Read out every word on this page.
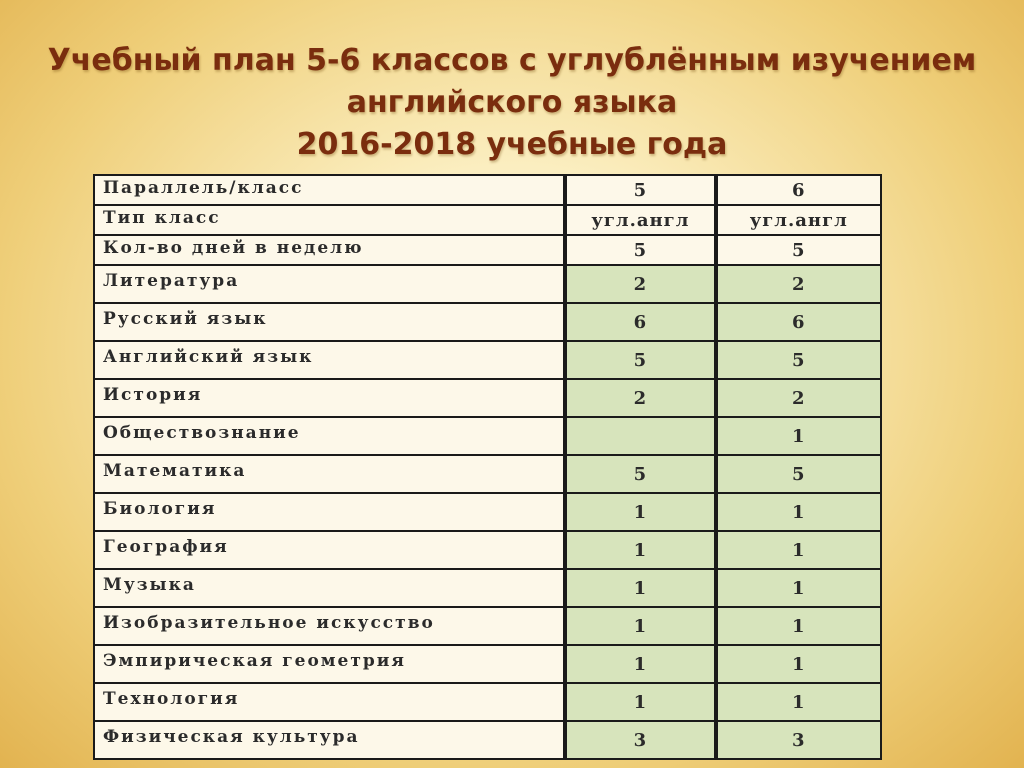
Учебный план 5-6 классов с углублённым изучением
английского языка
2016-2018 учебные года
Параллель/класс	5	6
Тип класс	угл.англ	угл.англ
Кол-во дней в неделю	5	5
Литература	2	2
Русский язык	6	6
Английский язык	5	5
История	2	2
Обществознание		1
Математика	5	5
Биология	1	1
География	1	1
Музыка	1	1
Изобразительное искусство	1	1
Эмпирическая геометрия	1	1
Технология	1	1
Физическая культура	3	3
